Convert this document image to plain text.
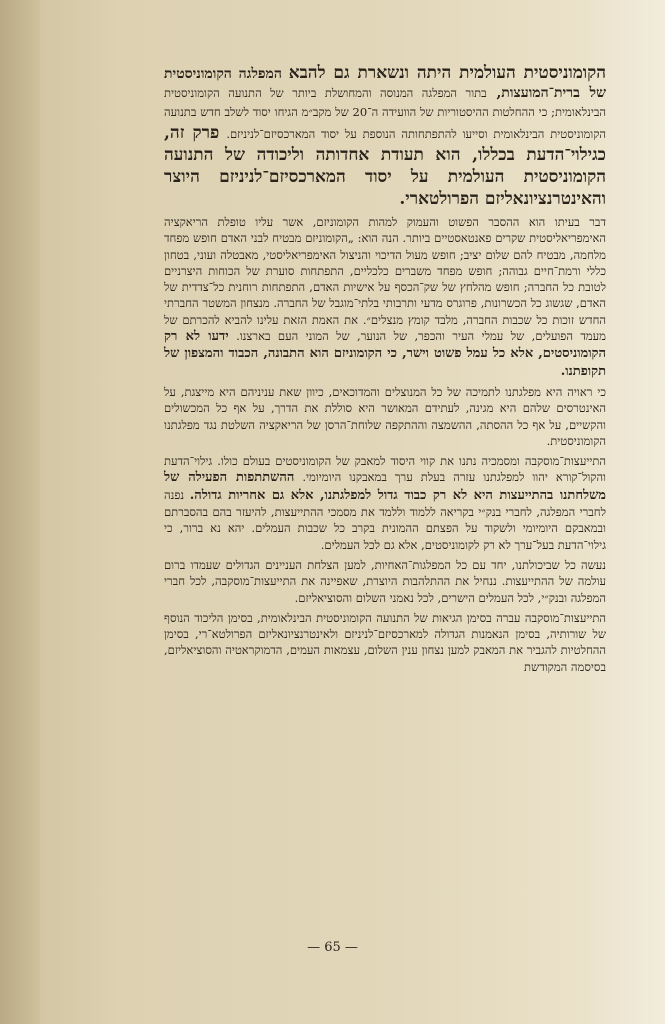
הקומוניסטית העולמית היתה ונשארת גם להבא המפלגה הקומוניסטית של ברית־המועצות, בתור המפלגה המנוסה והמחושלת ביותר של התנועה הקומוניסטית הבינלאומית; כי ההחלטות ההיסטוריות של הוועידה ה־20 של מקב״מ הגיחו יסוד לשלב חדש בתנועה הקומוניסטית הבינלאומית וסייעו להתפתחותה הנוספת על יסוד המארכסיזם־לניניזם. פרק זה, כגילוי־הדעת בכללו, הוא תעודת אחדותה וליכודה של התנועה הקומוניסטית העולמית על יסוד המארכסיזם־לניניזם היוצר והאינטרנציונאליזם הפרולטארי.

דבר בעיתו הוא ההסבר הפשוט והעמוק למהות הקומוניזם, אשר עליו טופלת הריאקציה האימפריאליסטית שקרים פאנטאסטיים ביותר. הנה הוא: „הקומוניזם מבטיח לבני האדם חופש מפחד מלחמה, מבטיח להם שלום יציב; חופש מעול הדיכוי והניצול האימפריאליסטי, מאבטלה ועוני, בטחון כללי ורמת־חיים גבוהה; חופש מפחד משברים כלכליים, התפתחות סוערת של הכוחות היצרניים לטובת כל החברה; חופש מהלחץ של שק־הכסף על אישיות האדם, התפתחות רוחנית כל־צדדית של האדם, שגשוג כל הכשרונות, פרוגרס מדעי ותרבותי בלתי־מוגבל של החברה. מנצחון המשטר החברתי החדש זוכות כל שכבות החברה, מלבד קומץ מנצלים״. את האמת הזאת עלינו להביא להכרתם של מעמד הפועלים, של עמלי העיר והכפר, של הנוער, של המוני העם בארצנו. ידעו לא רק הקומוניסטים, אלא כל עמל פשוט וישר, כי הקומוניזם הוא התבונה, הכבוד והמצפון של תקופתנו.

כי ראויה היא מפלגתנו לתמיכה של כל המנוצלים והמדוכאים, כיוון שאת עניניהם היא מייצגת, על האינטרסים שלהם היא מגינה, לעתידם המאושר היא סוללת את הדרך, על אף כל המכשולים והקשיים, על אף כל ההסתה, ההשמצה וההתקפה שלוחת־הרסן של הריאקציה השלטת נגד מפלגתנו הקומוניסטית.

התייעצות־מוסקבה ומסמכיה נתנו את קווי היסוד למאבק של הקומוניסטים בעולם כולו. גילוי־הדעת והקול־קורא יהוו למפלגתנו עזרה בעלת ערך במאבקנו היומיומי. ההשתתפות הפעילה של משלחתנו בהתייעצות היא לא רק כבוד גדול למפלגתנו, אלא גם אחריות גדולה. נפנה לחברי המפלגה, לחברי בנק״י בקריאה ללמוד וללמד את מסמכי ההתייעצות, להיעזר בהם בהסברתם ובמאבקם היומיומי ולשקוד על הפצתם ההמונית בקרב כל שכבות העמלים. יהא נא ברור, כי גילוי־הדעת בעל־ערך לא רק לקומוניסטים, אלא גם לכל העמלים.

נעשה כל שביכולתנו, יחד עם כל המפלגות־האחיות, למען הצלחת העניינים הגדולים שעמדו ברום עולמה של ההתייעצות. ננחיל את ההתלהבות היוצרת, שאפיינה את התייעצות־מוסקבה, לכל חברי המפלגה ובנק״י, לכל העמלים הישרים, לכל נאמני השלום והסוציאליזם.

התייעצות־מוסקבה עברה בסימן הגיאות של התנועה הקומוניסטית הבינלאומית, בסימן הליכוד הנוסף של שורותיה, בסימן הנאמנות הגדולה למארכסיזם־לניניזם ולאינטרנציונאליזם הפרולטא־רי, בסימן ההחלטיות להגביר את המאבק למען נצחון ענין השלום, עצמאות העמים, הדמוקראטיה והסוציאליזם, בסיסמה המקודשת

— 65 —
